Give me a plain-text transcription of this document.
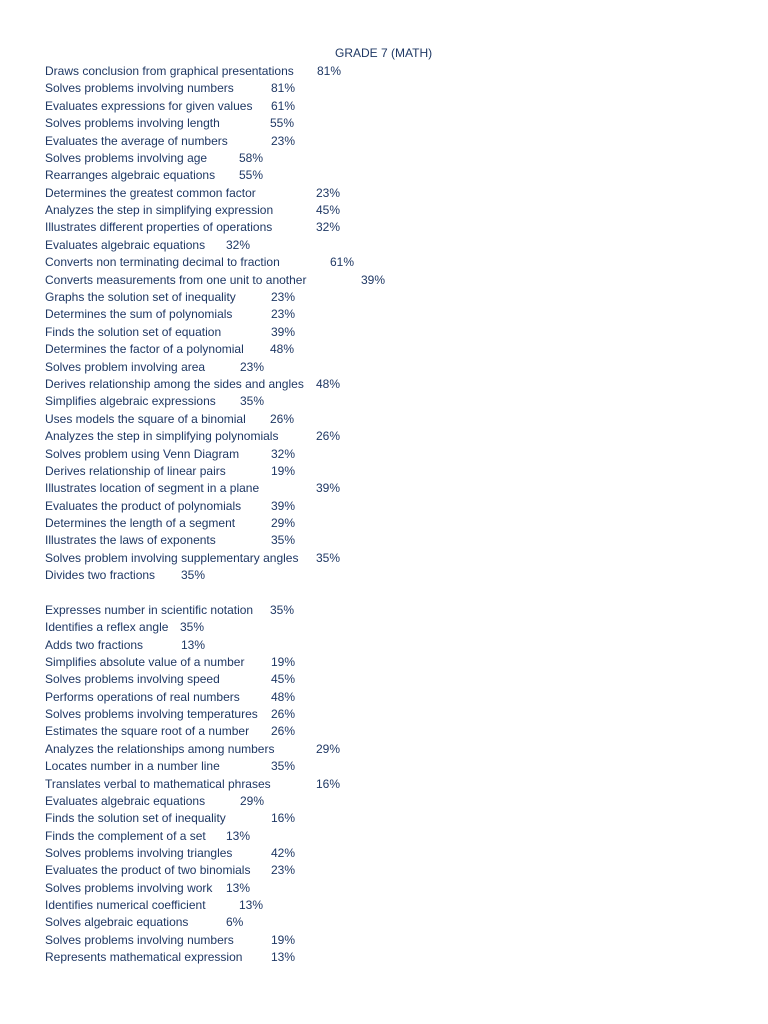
GRADE 7 (MATH)
Draws conclusion from graphical presentations 81%
Solves problems involving numbers	81%
Evaluates expressions for given values 61%
Solves problems involving length	55%
Evaluates the average of numbers	23%
Solves problems involving age	58%
Rearranges algebraic equations 55%
Determines the greatest common factor	23%
Analyzes the step in simplifying expression	45%
Illustrates different properties of operations	32%
Evaluates algebraic equations 32%
Converts non terminating decimal to fraction	61%
Converts measurements from one unit to another	39%
Graphs the solution set of inequality	23%
Determines the sum of polynomials	23%
Finds the solution set of equation	39%
Determines the factor of a polynomial 48%
Solves problem involving area	23%
Derives relationship among the sides and angles 48%
Simplifies algebraic expressions 35%
Uses models the square of a binomial 26%
Analyzes the step in simplifying polynomials	26%
Solves problem using Venn Diagram	32%
Derives relationship of linear pairs	19%
Illustrates location of segment in a plane	39%
Evaluates the product of polynomials 39%
Determines the length of a segment	29%
Illustrates the laws of exponents	35%
Solves problem involving supplementary angles 35%
Divides two fractions 35%
Expresses number in scientific notation 35%
Identifies a reflex angle 35%
Adds two fractions	13%
Simplifies absolute value of a number 19%
Solves problems involving speed	45%
Performs operations of real numbers	48%
Solves problems involving temperatures 26%
Estimates the square root of a number 26%
Analyzes the relationships among numbers	29%
Locates number in a number line	35%
Translates verbal to mathematical phrases	16%
Evaluates algebraic equations	29%
Finds the solution set of inequality	16%
Finds the complement of a set 13%
Solves problems involving triangles	42%
Evaluates the product of two binomials 23%
Solves problems involving work 13%
Identifies numerical coefficient	13%
Solves algebraic equations	6%
Solves problems involving numbers	19%
Represents mathematical expression 13%
